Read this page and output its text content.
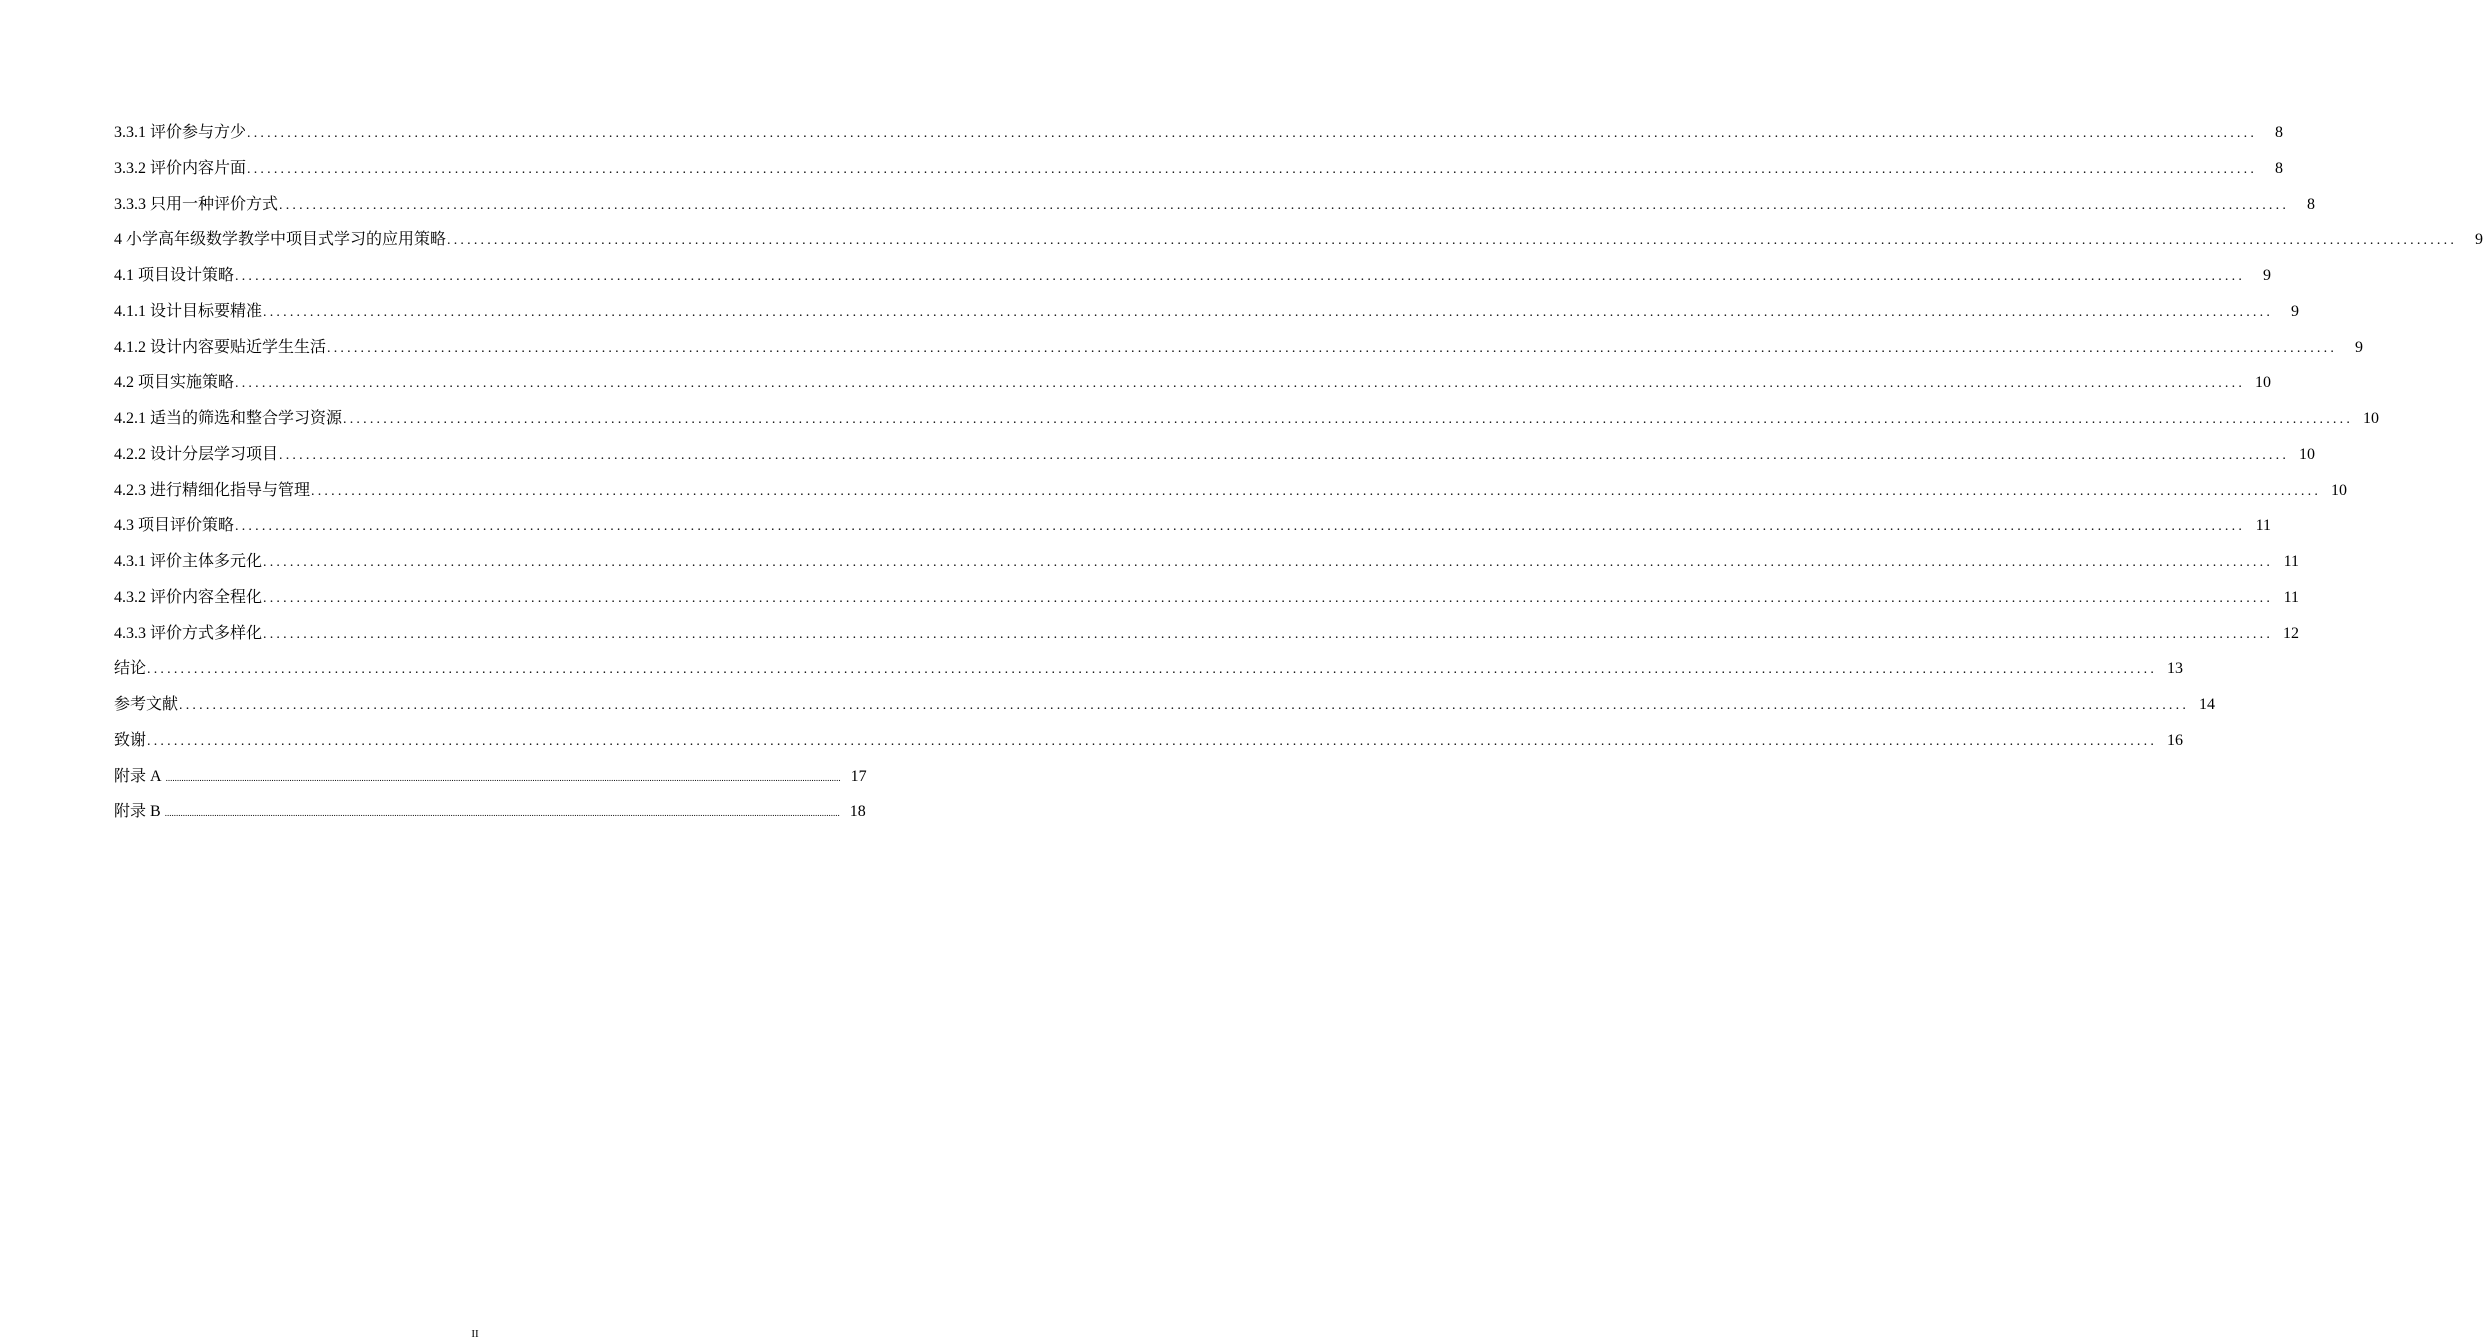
3.3.1 评价参与方少 ............................................................................................................................................................................................................................................................................................................	8
3.3.2 评价内容片面 ............................................................................................................................................................................................................................................................................................................	8
3.3.3 只用一种评价方式 ............................................................................................................................................................................................................................................................................................................	8
4 小学高年级数学教学中项目式学习的应用策略 ............................................................................................................................................................................................................................................................................................................	9
4.1 项目设计策略 ............................................................................................................................................................................................................................................................................................................	9
4.1.1 设计目标要精准 ............................................................................................................................................................................................................................................................................................................	9
4.1.2 设计内容要贴近学生生活 ............................................................................................................................................................................................................................................................................................................	9
4.2 项目实施策略 ............................................................................................................................................................................................................................................................................................................ 10
4.2.1 适当的筛选和整合学习资源 ............................................................................................................................................................................................................................................................................................................ 10
4.2.2 设计分层学习项目 ............................................................................................................................................................................................................................................................................................................ 10
4.2.3 进行精细化指导与管理 ............................................................................................................................................................................................................................................................................................................ 10
4.3 项目评价策略 ............................................................................................................................................................................................................................................................................................................ 11
4.3.1 评价主体多元化 ............................................................................................................................................................................................................................................................................................................ 11
4.3.2 评价内容全程化 ............................................................................................................................................................................................................................................................................................................ 11
4.3.3 评价方式多样化 ............................................................................................................................................................................................................................................................................................................ 12
结论 ............................................................................................................................................................................................................................................................................................................ 13
参考文献 ............................................................................................................................................................................................................................................................................................................ 14
致谢 ............................................................................................................................................................................................................................................................................................................ 16
附录 A ............................................................................................................................................................................................................................................................................................................ 17
附录 B ............................................................................................................................................................................................................................................................................................................ 18
II
